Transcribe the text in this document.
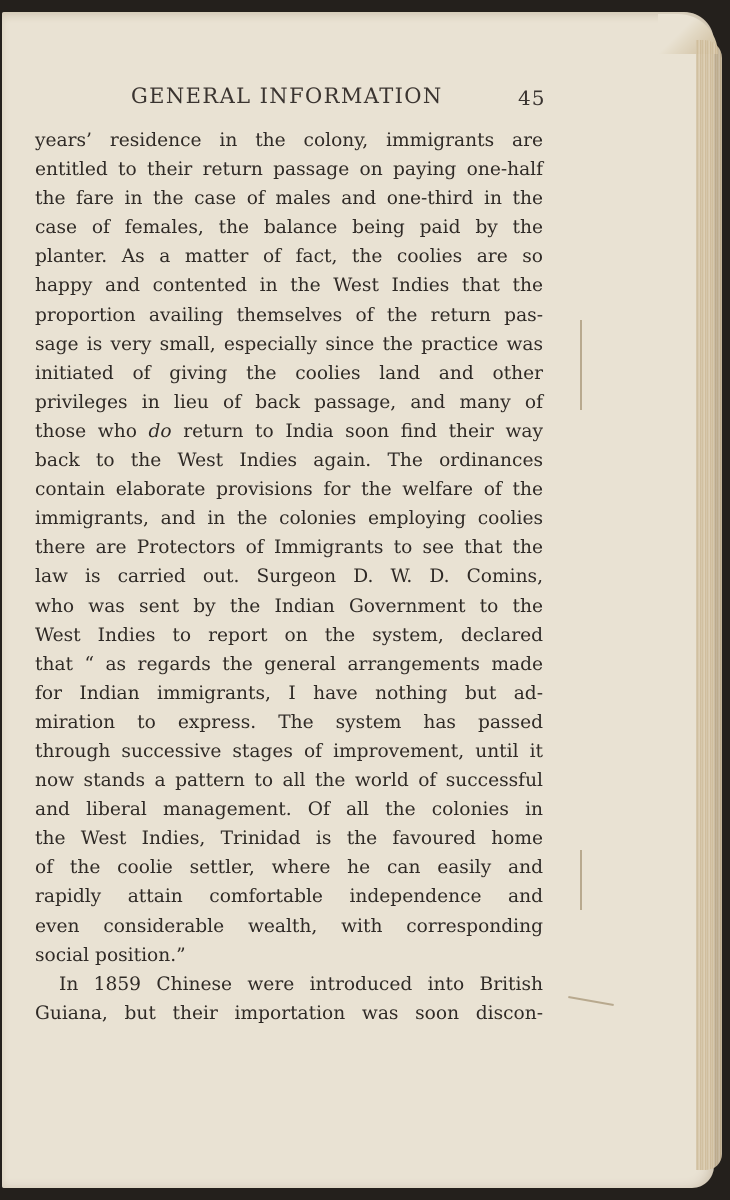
GENERAL INFORMATION	45
years’ residence in the colony, immigrants are
entitled to their return passage on paying one-half
the fare in the case of males and one-third in the
case of females, the balance being paid by the
planter. As a matter of fact, the coolies are so
happy and contented in the West Indies that the
proportion availing themselves of the return pas-
sage is very small, especially since the practice was
initiated of giving the coolies land and other
privileges in lieu of back passage, and many of
those who do return to India soon find their way
back to the West Indies again. The ordinances
contain elaborate provisions for the welfare of the
immigrants, and in the colonies employing coolies
there are Protectors of Immigrants to see that the
law is carried out. Surgeon D. W. D. Comins,
who was sent by the Indian Government to the
West Indies to report on the system, declared
that “ as regards the general arrangements made
for Indian immigrants, I have nothing but ad-
miration to express. The system has passed
through successive stages of improvement, until it
now stands a pattern to all the world of successful
and liberal management. Of all the colonies in
the West Indies, Trinidad is the favoured home
of the coolie settler, where he can easily and
rapidly attain comfortable independence and
even considerable wealth, with corresponding
social position.”
In 1859 Chinese were introduced into British
Guiana, but their importation was soon discon-
